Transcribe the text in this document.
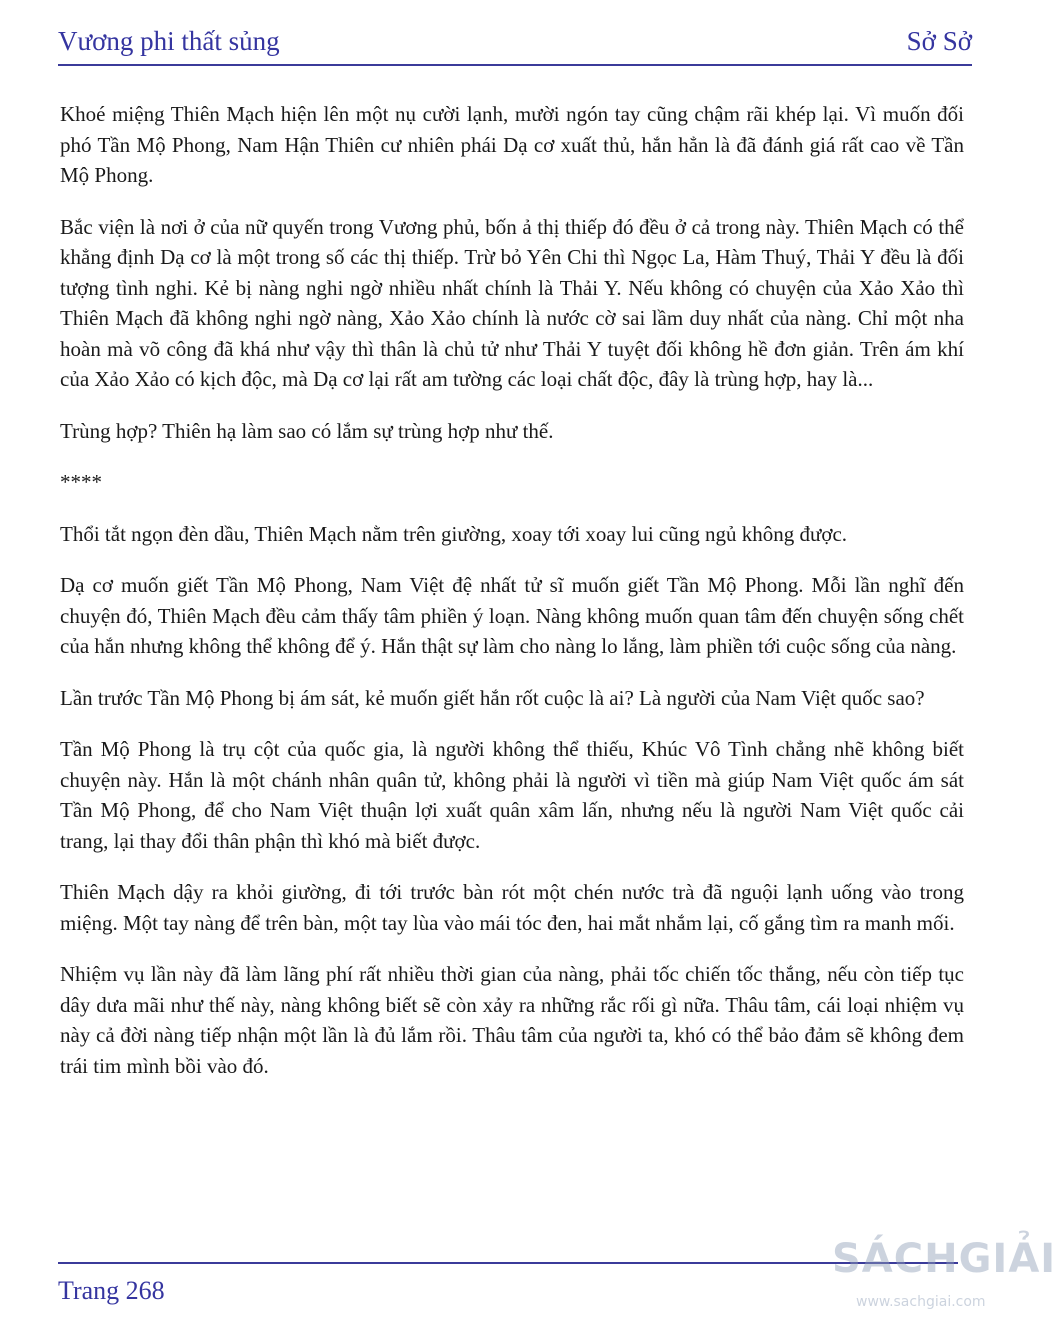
Vương phi thất sủng	Sở Sở

Khoé miệng Thiên Mạch hiện lên một nụ cười lạnh, mười ngón tay cũng chậm rãi khép lại. Vì muốn đối phó Tần Mộ Phong, Nam Hận Thiên cư nhiên phái Dạ cơ xuất thủ, hắn hẳn là đã đánh giá rất cao về Tần Mộ Phong.

Bắc viện là nơi ở của nữ quyến trong Vương phủ, bốn ả thị thiếp đó đều ở cả trong này. Thiên Mạch có thể khẳng định Dạ cơ là một trong số các thị thiếp. Trừ bỏ Yên Chi thì Ngọc La, Hàm Thuý, Thải Y đều là đối tượng tình nghi. Kẻ bị nàng nghi ngờ nhiều nhất chính là Thải Y. Nếu không có chuyện của Xảo Xảo thì Thiên Mạch đã không nghi ngờ nàng, Xảo Xảo chính là nước cờ sai lầm duy nhất của nàng. Chỉ một nha hoàn mà võ công đã khá như vậy thì thân là chủ tử như Thải Y tuyệt đối không hề đơn giản. Trên ám khí của Xảo Xảo có kịch độc, mà Dạ cơ lại rất am tường các loại chất độc, đây là trùng hợp, hay là...

Trùng hợp? Thiên hạ làm sao có lắm sự trùng hợp như thế.

****

Thổi tắt ngọn đèn dầu, Thiên Mạch nằm trên giường, xoay tới xoay lui cũng ngủ không được.

Dạ cơ muốn giết Tần Mộ Phong, Nam Việt đệ nhất tử sĩ muốn giết Tần Mộ Phong. Mỗi lần nghĩ đến chuyện đó, Thiên Mạch đều cảm thấy tâm phiền ý loạn. Nàng không muốn quan tâm đến chuyện sống chết của hắn nhưng không thể không để ý. Hắn thật sự làm cho nàng lo lắng, làm phiền tới cuộc sống của nàng.

Lần trước Tần Mộ Phong bị ám sát, kẻ muốn giết hắn rốt cuộc là ai? Là người của Nam Việt quốc sao?

Tần Mộ Phong là trụ cột của quốc gia, là người không thể thiếu, Khúc Vô Tình chẳng nhẽ không biết chuyện này. Hắn là một chánh nhân quân tử, không phải là người vì tiền mà giúp Nam Việt quốc ám sát Tần Mộ Phong, để cho Nam Việt thuận lợi xuất quân xâm lấn, nhưng nếu là người Nam Việt quốc cải trang, lại thay đổi thân phận thì khó mà biết được.

Thiên Mạch dậy ra khỏi giường, đi tới trước bàn rót một chén nước trà đã nguội lạnh uống vào trong miệng. Một tay nàng để trên bàn, một tay lùa vào mái tóc đen, hai mắt nhắm lại, cố gắng tìm ra manh mối.

Nhiệm vụ lần này đã làm lãng phí rất nhiều thời gian của nàng, phải tốc chiến tốc thắng, nếu còn tiếp tục dây dưa mãi như thế này, nàng không biết sẽ còn xảy ra những rắc rối gì nữa. Thâu tâm, cái loại nhiệm vụ này cả đời nàng tiếp nhận một lần là đủ lắm rồi. Thâu tâm của người ta, khó có thể bảo đảm sẽ không đem trái tim mình bồi vào đó.

Trang 268
SÁCHGIẢI
www.sachgiai.com
